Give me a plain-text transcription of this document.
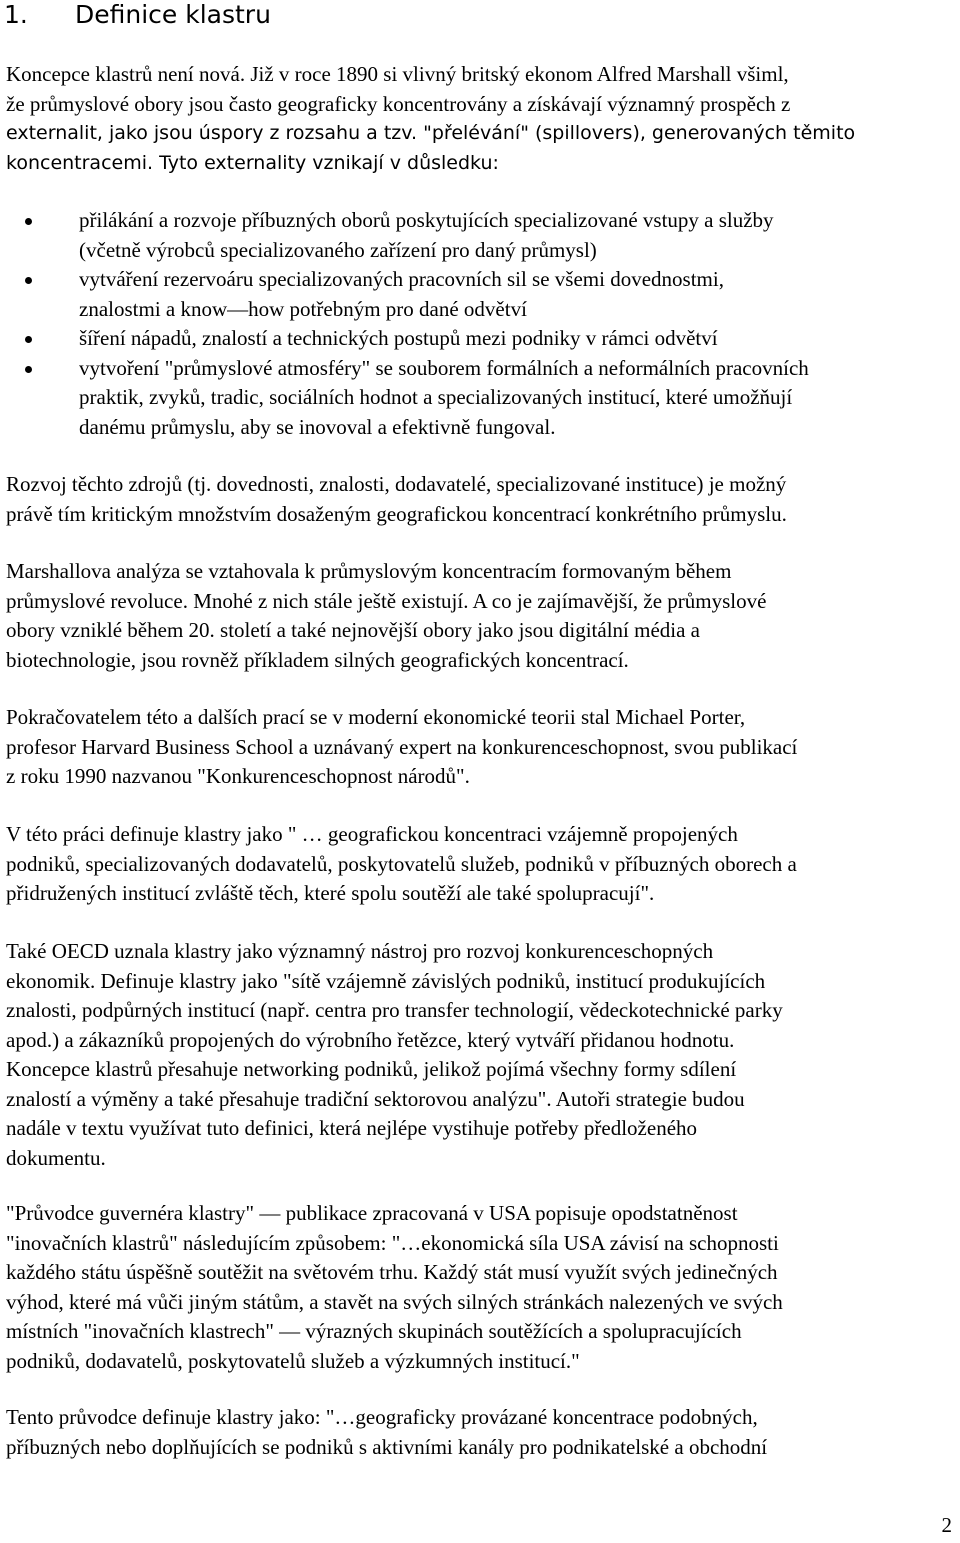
1. Definice klastru
Koncepce klastrů není nová. Již v roce 1890 si vlivný britský ekonom Alfred Marshall všiml,
že průmyslové obory jsou často geograficky koncentrovány a získávají významný prospěch z
externalit, jako jsou úspory z rozsahu a tzv. "přelévání" (spillovers), generovaných těmito
koncentracemi. Tyto externality vznikají v důsledku:
přilákání a rozvoje příbuzných oborů poskytujících specializované vstupy a služby
(včetně výrobců specializovaného zařízení pro daný průmysl)
vytváření rezervoáru specializovaných pracovních sil se všemi dovednostmi,
znalostmi a know—how potřebným pro dané odvětví
šíření nápadů, znalostí a technických postupů mezi podniky v rámci odvětví
vytvoření "průmyslové atmosféry" se souborem formálních a neformálních pracovních
praktik, zvyků, tradic, sociálních hodnot a specializovaných institucí, které umožňují
danému průmyslu, aby se inovoval a efektivně fungoval.
Rozvoj těchto zdrojů (tj. dovednosti, znalosti, dodavatelé, specializované instituce) je možný
právě tím kritickým množstvím dosaženým geografickou koncentrací konkrétního průmyslu.
Marshallova analýza se vztahovala k průmyslovým koncentracím formovaným během
průmyslové revoluce. Mnohé z nich stále ještě existují. A co je zajímavější, že průmyslové
obory vzniklé během 20. století a také nejnovější obory jako jsou digitální média a
biotechnologie, jsou rovněž příkladem silných geografických koncentrací.
Pokračovatelem této a dalších prací se v moderní ekonomické teorii stal Michael Porter,
profesor Harvard Business School a uznávaný expert na konkurenceschopnost, svou publikací
z roku 1990 nazvanou "Konkurenceschopnost národů".
V této práci definuje klastry jako " … geografickou koncentraci vzájemně propojených
podniků, specializovaných dodavatelů, poskytovatelů služeb, podniků v příbuzných oborech a
přidružených institucí zvláště těch, které spolu soutěží ale také spolupracují".
Také OECD uznala klastry jako významný nástroj pro rozvoj konkurenceschopných
ekonomik. Definuje klastry jako "sítě vzájemně závislých podniků, institucí produkujících
znalosti, podpůrných institucí (např. centra pro transfer technologií, vědeckotechnické parky
apod.) a zákazníků propojených do výrobního řetězce, který vytváří přidanou hodnotu.
Koncepce klastrů přesahuje networking podniků, jelikož pojímá všechny formy sdílení
znalostí a výměny a také přesahuje tradiční sektorovou analýzu". Autoři strategie budou
nadále v textu využívat tuto definici, která nejlépe vystihuje potřeby předloženého
dokumentu.
"Průvodce guvernéra klastry" — publikace zpracovaná v USA popisuje opodstatněnost
"inovačních klastrů" následujícím způsobem: "…ekonomická síla USA závisí na schopnosti
každého státu úspěšně soutěžit na světovém trhu. Každý stát musí využít svých jedinečných
výhod, které má vůči jiným státům, a stavět na svých silných stránkách nalezených ve svých
místních "inovačních klastrech" — výrazných skupinách soutěžících a spolupracujících
podniků, dodavatelů, poskytovatelů služeb a výzkumných institucí."
Tento průvodce definuje klastry jako: "…geograficky provázané koncentrace podobných,
příbuzných nebo doplňujících se podniků s aktivními kanály pro podnikatelské a obchodní
2
